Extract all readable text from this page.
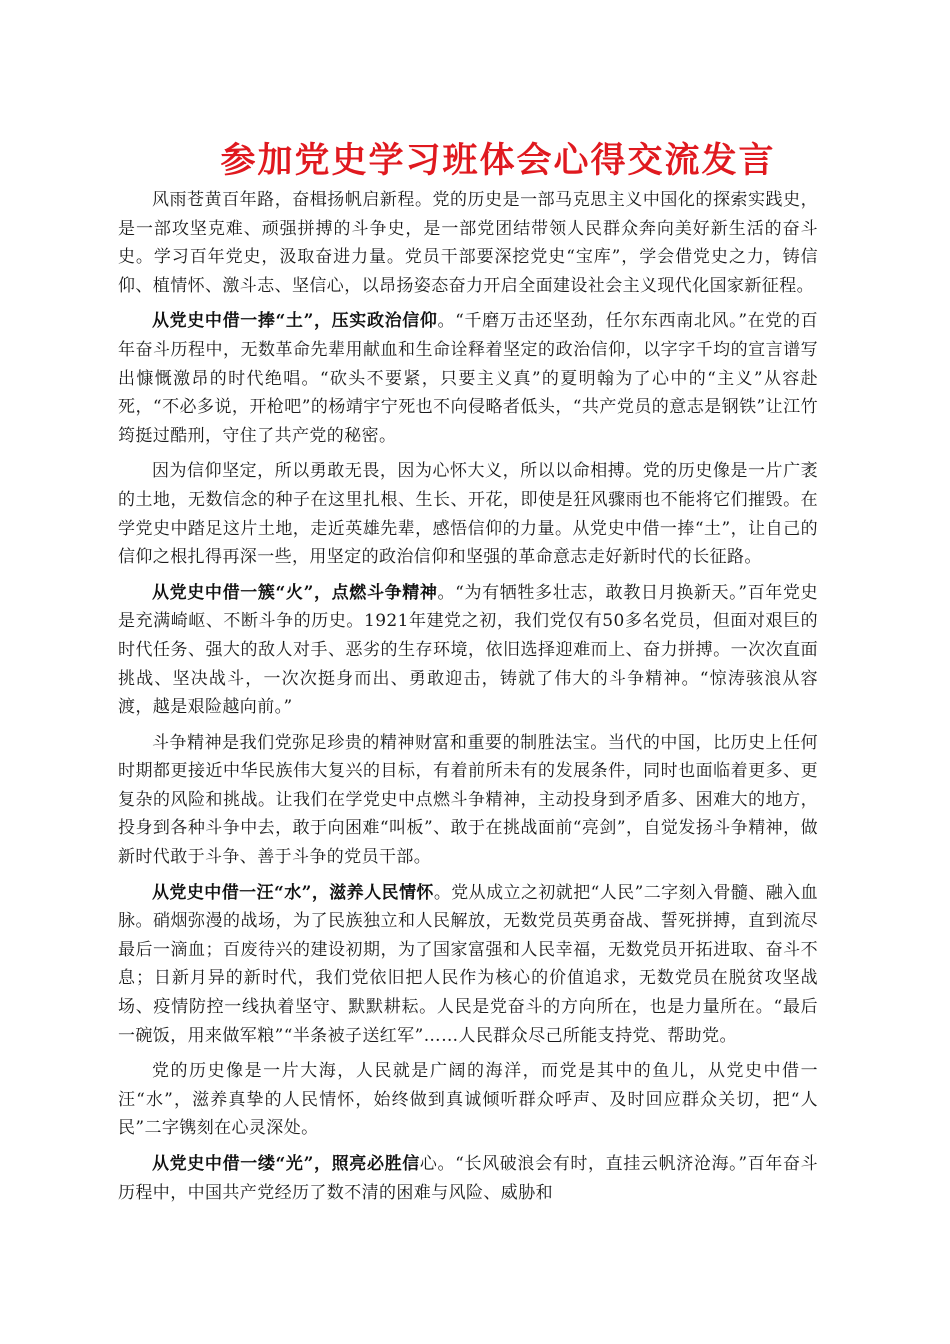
参加党史学习班体会心得交流发言

风雨苍黄百年路，奋楫扬帆启新程。党的历史是一部马克思主义中国化的探索实践史，是一部攻坚克难、顽强拼搏的斗争史，是一部党团结带领人民群众奔向美好新生活的奋斗史。学习百年党史，汲取奋进力量。党员干部要深挖党史“宝库”，学会借党史之力，铸信仰、植情怀、激斗志、坚信心，以昂扬姿态奋力开启全面建设社会主义现代化国家新征程。

从党史中借一捧“土”，压实政治信仰。“千磨万击还坚劲，任尔东西南北风。”在党的百年奋斗历程中，无数革命先辈用献血和生命诠释着坚定的政治信仰，以字字千均的宣言谱写出慷慨激昂的时代绝唱。“砍头不要紧，只要主义真”的夏明翰为了心中的“主义”从容赴死，“不必多说，开枪吧”的杨靖宇宁死也不向侵略者低头，“共产党员的意志是钢铁”让江竹筠挺过酷刑，守住了共产党的秘密。

因为信仰坚定，所以勇敢无畏，因为心怀大义，所以以命相搏。党的历史像是一片广袤的土地，无数信念的种子在这里扎根、生长、开花，即使是狂风骤雨也不能将它们摧毁。在学党史中踏足这片土地，走近英雄先辈，感悟信仰的力量。从党史中借一捧“土”，让自己的信仰之根扎得再深一些，用坚定的政治信仰和坚强的革命意志走好新时代的长征路。

从党史中借一簇“火”，点燃斗争精神。“为有牺牲多壮志，敢教日月换新天。”百年党史是充满崎岖、不断斗争的历史。1921年建党之初，我们党仅有50多名党员，但面对艰巨的时代任务、强大的敌人对手、恶劣的生存环境，依旧选择迎难而上、奋力拼搏。一次次直面挑战、坚决战斗，一次次挺身而出、勇敢迎击，铸就了伟大的斗争精神。“惊涛骇浪从容渡，越是艰险越向前。”

斗争精神是我们党弥足珍贵的精神财富和重要的制胜法宝。当代的中国，比历史上任何时期都更接近中华民族伟大复兴的目标，有着前所未有的发展条件，同时也面临着更多、更复杂的风险和挑战。让我们在学党史中点燃斗争精神，主动投身到矛盾多、困难大的地方，投身到各种斗争中去，敢于向困难“叫板”、敢于在挑战面前“亮剑”，自觉发扬斗争精神，做新时代敢于斗争、善于斗争的党员干部。

从党史中借一汪“水”，滋养人民情怀。党从成立之初就把“人民”二字刻入骨髓、融入血脉。硝烟弥漫的战场，为了民族独立和人民解放，无数党员英勇奋战、誓死拼搏，直到流尽最后一滴血；百废待兴的建设初期，为了国家富强和人民幸福，无数党员开拓进取、奋斗不息；日新月异的新时代，我们党依旧把人民作为核心的价值追求，无数党员在脱贫攻坚战场、疫情防控一线执着坚守、默默耕耘。人民是党奋斗的方向所在，也是力量所在。“最后一碗饭，用来做军粮”“半条被子送红军”……人民群众尽己所能支持党、帮助党。

党的历史像是一片大海，人民就是广阔的海洋，而党是其中的鱼儿，从党史中借一汪“水”，滋养真挚的人民情怀，始终做到真诚倾听群众呼声、及时回应群众关切，把“人民”二字镌刻在心灵深处。

从党史中借一缕“光”，照亮必胜信心。“长风破浪会有时，直挂云帆济沧海。”百年奋斗历程中，中国共产党经历了数不清的困难与风险、威胁和
